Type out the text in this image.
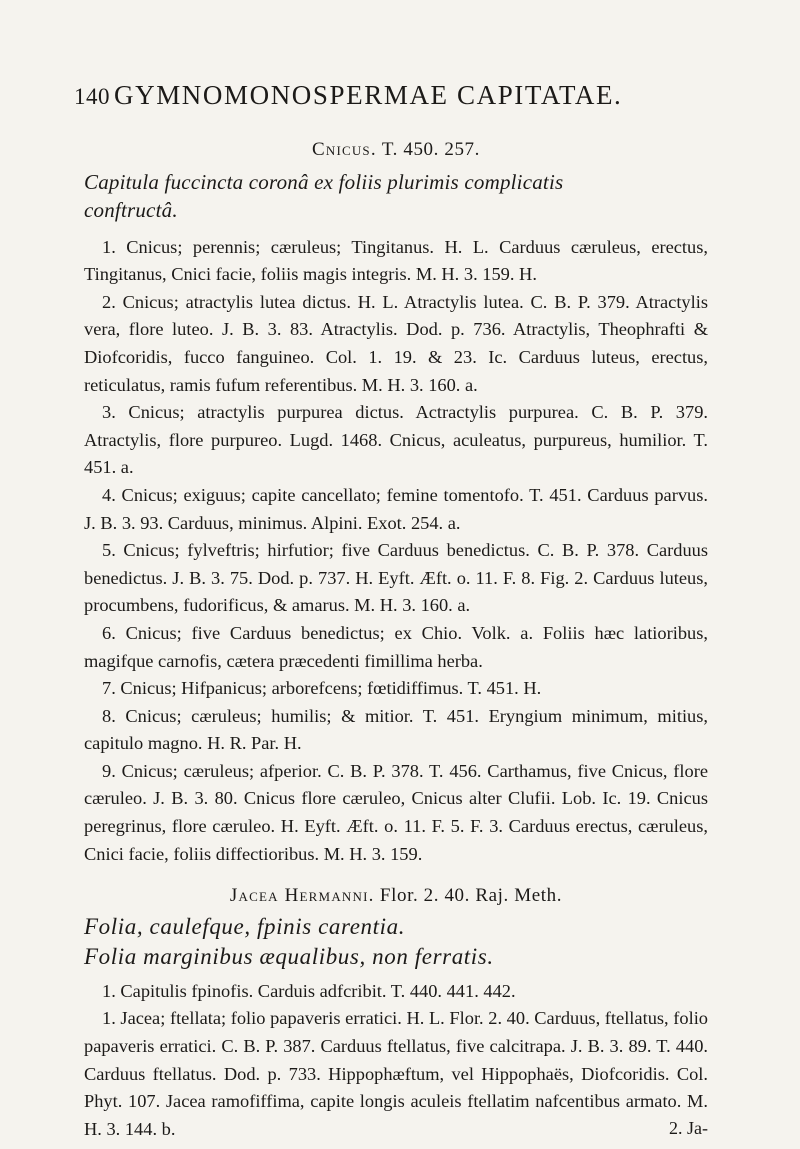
140 GYMNOMONOSPERMAE CAPITATAE.
Cnicus. T. 450. 257.
Capitula fuccincta coronâ ex foliis plurimis complicatis
conftructâ.

1. Cnicus; perennis; cæruleus; Tingitanus. H. L. Carduus cæruleus, erectus, Tingitanus, Cnici facie, foliis magis integris. M. H. 3. 159. H.

2. Cnicus; atractylis lutea dictus. H. L. Atractylis lutea. C. B. P. 379. Atractylis vera, flore luteo. J. B. 3. 83. Atractylis. Dod. p. 736. Atractylis, Theophrafti & Diofcoridis, fucco fanguineo. Col. 1. 19. & 23. Ic. Carduus luteus, erectus, reticulatus, ramis fufum referentibus. M. H. 3. 160. a.

3. Cnicus; atractylis purpurea dictus. Actractylis purpurea. C. B. P. 379. Atractylis, flore purpureo. Lugd. 1468. Cnicus, aculeatus, purpureus, humilior. T. 451. a.

4. Cnicus; exiguus; capite cancellato; femine tomentofo. T. 451. Carduus parvus. J. B. 3. 93. Carduus, minimus. Alpini. Exot. 254. a.

5. Cnicus; fylveftris; hirfutior; five Carduus benedictus. C. B. P. 378. Carduus benedictus. J. B. 3. 75. Dod. p. 737. H. Eyft. Æft. o. 11. F. 8. Fig. 2. Carduus luteus, procumbens, fudorificus, & amarus. M. H. 3. 160. a.

6. Cnicus; five Carduus benedictus; ex Chio. Volk. a. Foliis hæc latioribus, magifque carnofis, cætera præcedenti fimillima herba.

7. Cnicus; Hifpanicus; arborefcens; fœtidiffimus. T. 451. H.

8. Cnicus; cæruleus; humilis; & mitior. T. 451. Eryngium minimum, mitius, capitulo magno. H. R. Par. H.

9. Cnicus; cæruleus; afperior. C. B. P. 378. T. 456. Carthamus, five Cnicus, flore cæruleo. J. B. 3. 80. Cnicus flore cæruleo, Cnicus alter Clufii. Lob. Ic. 19. Cnicus peregrinus, flore cæruleo. H. Eyft. Æft. o. 11. F. 5. F. 3. Carduus erectus, cæruleus, Cnici facie, foliis diffectioribus. M. H. 3. 159.

Jacea Hermanni. Flor. 2. 40. Raj. Meth.
Folia, caulefque, fpinis carentia.
Folia marginibus æqualibus, non ferratis.

1. Capitulis fpinofis. Carduis adfcribit. T. 440. 441. 442.

1. Jacea; ftellata; folio papaveris erratici. H. L. Flor. 2. 40. Carduus, ftellatus, folio papaveris erratici. C. B. P. 387. Carduus ftellatus, five calcitrapa. J. B. 3. 89. T. 440. Carduus ftellatus. Dod. p. 733. Hippophæftum, vel Hippophaës, Diofcoridis. Col. Phyt. 107. Jacea ramofiffima, capite longis aculeis ftellatim nafcentibus armato. M. H. 3. 144. b.	2. Ja-
